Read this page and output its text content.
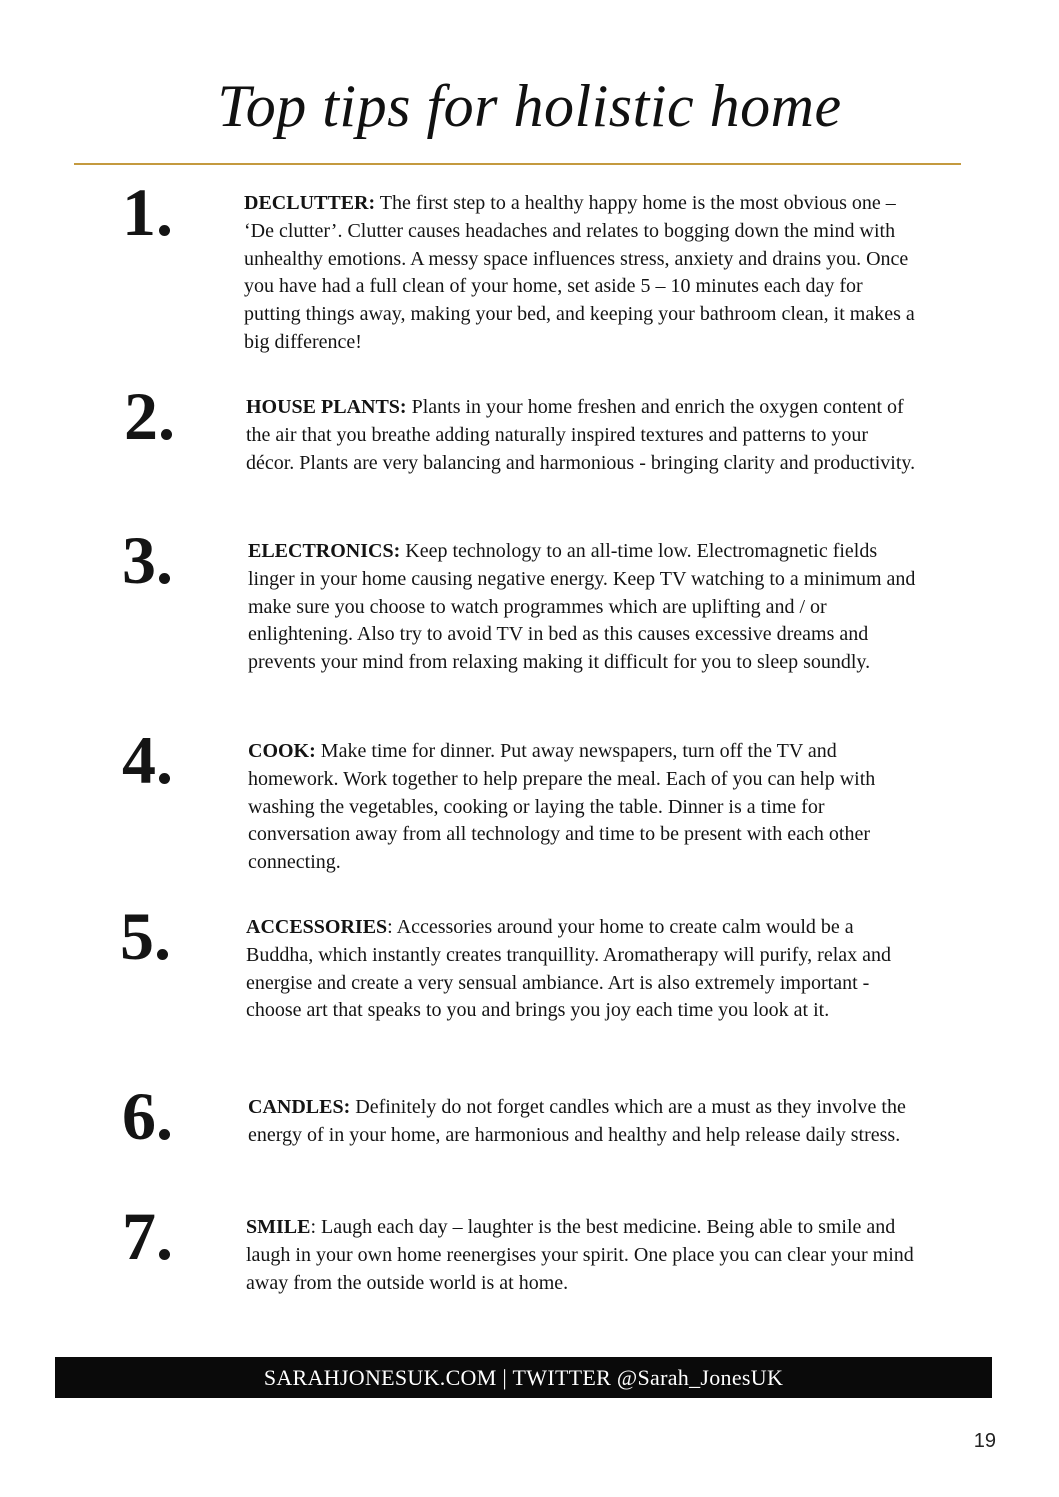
Top tips for holistic home
1.	DECLUTTER: The first step to a healthy happy home is the most obvious one – ‘De clutter’. Clutter causes headaches and relates to bogging down the mind with unhealthy emotions. A messy space influences stress, anxiety and drains you. Once you have had a full clean of your home, set aside 5 – 10 minutes each day for putting things away, making your bed, and keeping your bathroom clean, it makes a big difference!
2.	HOUSE PLANTS: Plants in your home freshen and enrich the oxygen content of the air that you breathe adding naturally inspired textures and patterns to your décor. Plants are very balancing and harmonious - bringing clarity and productivity.
3.	ELECTRONICS: Keep technology to an all-time low. Electromagnetic fields linger in your home causing negative energy. Keep TV watching to a minimum and make sure you choose to watch programmes which are uplifting and / or enlightening. Also try to avoid TV in bed as this causes excessive dreams and prevents your mind from relaxing making it difficult for you to sleep soundly.
4.	COOK: Make time for dinner. Put away newspapers, turn off the TV and homework. Work together to help prepare the meal. Each of you can help with washing the vegetables, cooking or laying the table. Dinner is a time for conversation away from all technology and time to be present with each other connecting.
5.	ACCESSORIES: Accessories around your home to create calm would be a Buddha, which instantly creates tranquillity. Aromatherapy will purify, relax and energise and create a very sensual ambiance. Art is also extremely important - choose art that speaks to you and brings you joy each time you look at it.
6.	CANDLES: Definitely do not forget candles which are a must as they involve the energy of in your home, are harmonious and healthy and help release daily stress.
7.	SMILE: Laugh each day – laughter is the best medicine. Being able to smile and laugh in your own home reenergises your spirit. One place you can clear your mind away from the outside world is at home.
SARAHJONESUK.COM | TWITTER @Sarah_JonesUK
19
